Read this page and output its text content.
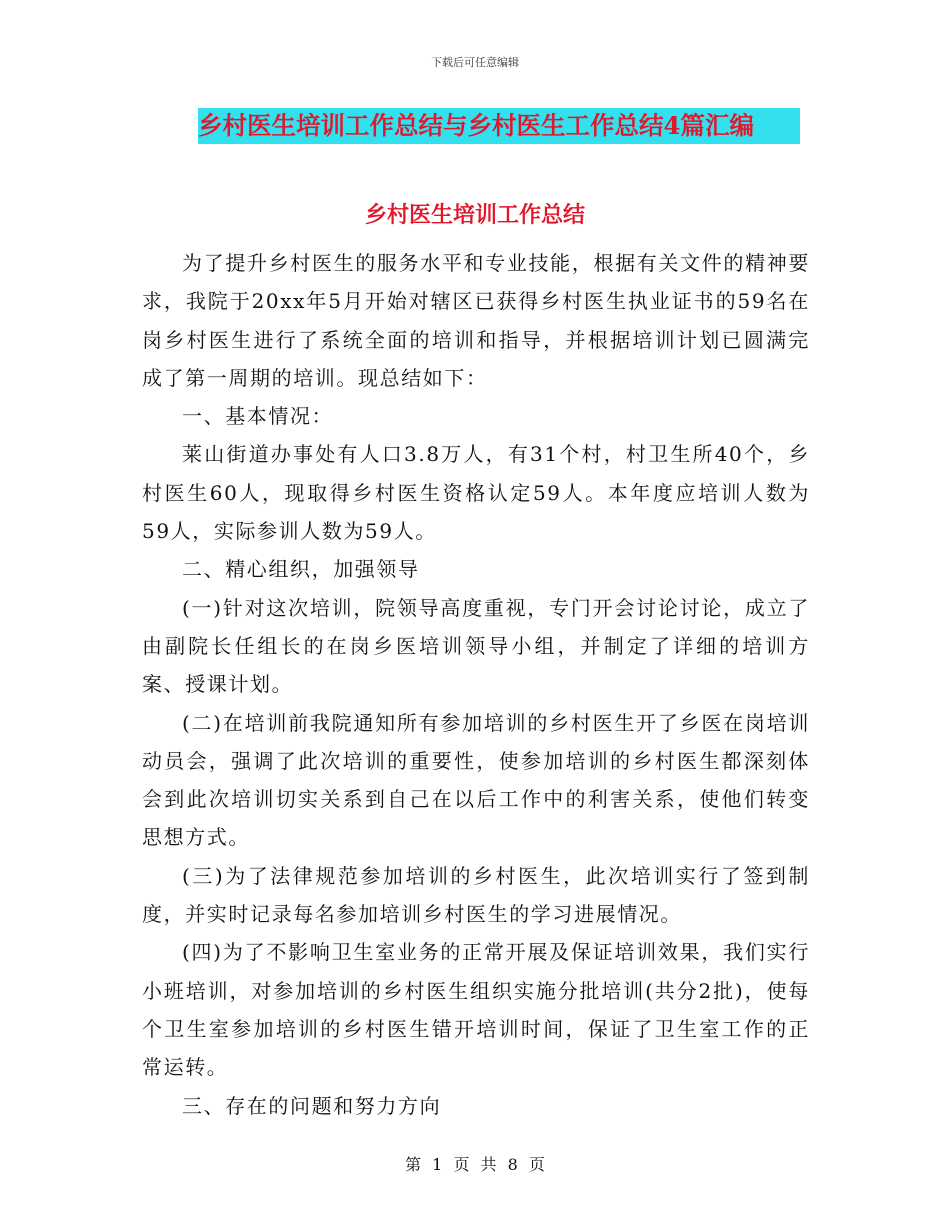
下载后可任意编辑
乡村医生培训工作总结与乡村医生工作总结4篇汇编
乡村医生培训工作总结

为了提升乡村医生的服务水平和专业技能，根据有关文件的精神要求，我院于20xx年5月开始对辖区已获得乡村医生执业证书的59名在岗乡村医生进行了系统全面的培训和指导，并根据培训计划已圆满完成了第一周期的培训。现总结如下：

一、基本情况：

莱山街道办事处有人口3.8万人，有31个村，村卫生所40个，乡村医生60人，现取得乡村医生资格认定59人。本年度应培训人数为59人，实际参训人数为59人。

二、精心组织，加强领导

(一)针对这次培训，院领导高度重视，专门开会讨论讨论，成立了由副院长任组长的在岗乡医培训领导小组，并制定了详细的培训方案、授课计划。

(二)在培训前我院通知所有参加培训的乡村医生开了乡医在岗培训动员会，强调了此次培训的重要性，使参加培训的乡村医生都深刻体会到此次培训切实关系到自己在以后工作中的利害关系，使他们转变思想方式。

(三)为了法律规范参加培训的乡村医生，此次培训实行了签到制度，并实时记录每名参加培训乡村医生的学习进展情况。

(四)为了不影响卫生室业务的正常开展及保证培训效果，我们实行小班培训，对参加培训的乡村医生组织实施分批培训(共分2批)，使每个卫生室参加培训的乡村医生错开培训时间，保证了卫生室工作的正常运转。

三、存在的问题和努力方向

第 1 页 共 8 页
